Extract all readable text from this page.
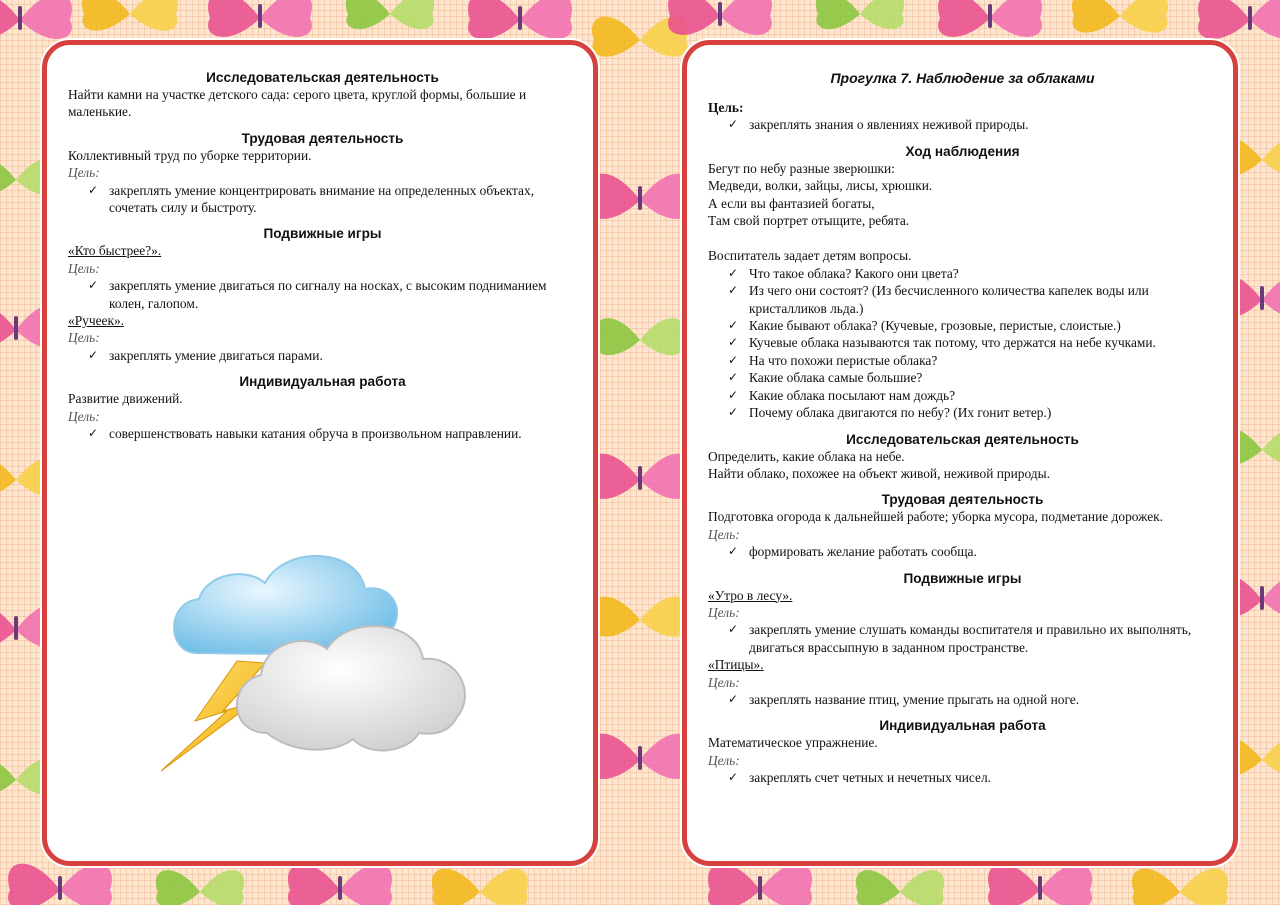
Исследовательская деятельность
Найти камни на участке детского сада: серого цвета, круглой формы, большие и маленькие.
Трудовая деятельность
Коллективный труд по уборке территории.
Цель:
✓ закреплять умение концентрировать внимание на определенных объектах, сочетать силу и быстроту.
Подвижные игры
«Кто быстрее?».
Цель:
✓ закреплять умение двигаться по сигналу на носках, с высоким подниманием колен, галопом.
«Ручеек».
Цель:
✓ закреплять умение двигаться парами.
Индивидуальная работа
Развитие движений.
Цель:
✓ совершенствовать навыки катания обруча в произвольном направлении.
Прогулка 7. Наблюдение за облаками
Цель:
✓ закреплять знания о явлениях неживой природы.
Ход наблюдения
Бегут по небу разные зверюшки:
Медведи, волки, зайцы, лисы, хрюшки.
А если вы фантазией богаты,
Там свой портрет отыщите, ребята.
Воспитатель задает детям вопросы.
✓ Что такое облака? Какого они цвета?
✓ Из чего они состоят? (Из бесчисленного количества капелек воды или кристалликов льда.)
✓ Какие бывают облака? (Кучевые, грозовые, перистые, слоистые.)
✓ Кучевые облака называются так потому, что держатся на небе кучками.
✓ На что похожи перистые облака?
✓ Какие облака самые большие?
✓ Какие облака посылают нам дождь?
✓ Почему облака двигаются по небу? (Их гонит ветер.)
Исследовательская деятельность
Определить, какие облака на небе.
Найти облако, похожее на объект живой, неживой природы.
Трудовая деятельность
Подготовка огорода к дальнейшей работе; уборка мусора, подметание дорожек.
Цель:
✓ формировать желание работать сообща.
Подвижные игры
«Утро в лесу».
Цель:
✓ закреплять умение слушать команды воспитателя и правильно их выполнять, двигаться врассыпную в заданном пространстве.
«Птицы».
Цель:
✓ закреплять название птиц, умение прыгать на одной ноге.
Индивидуальная работа
Математическое упражнение.
Цель:
✓ закреплять счет четных и нечетных чисел.
